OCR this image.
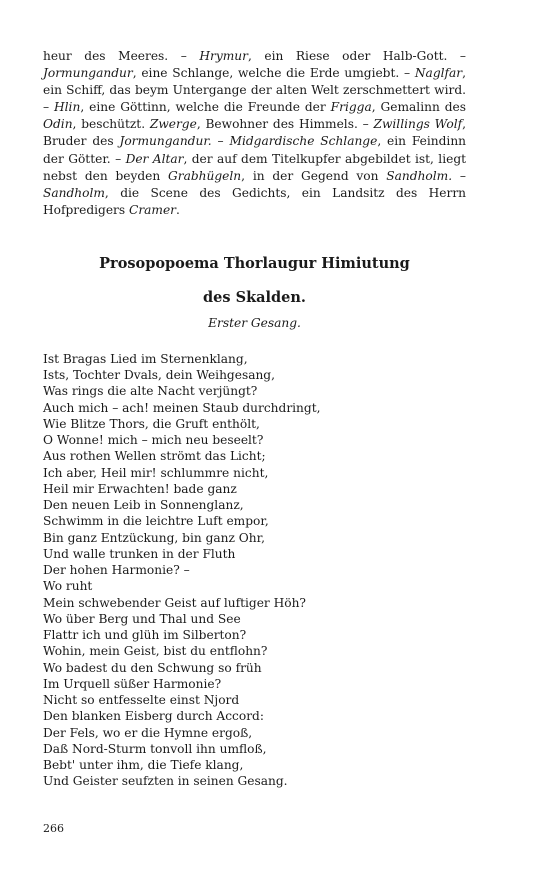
heur des Meeres. – Hrymur, ein Riese oder Halb-Gott. – Jormungandur, eine Schlange, welche die Erde umgiebt. – Naglfar, ein Schiff, das beym Untergange der alten Welt zerschmettert wird. – Hlin, eine Göttinn, welche die Freunde der Frigga, Gemalinn des Odin, beschützt. Zwerge, Bewohner des Himmels. – Zwillings Wolf, Bruder des Jormungandur. – Midgardische Schlange, ein Feindinn der Götter. – Der Altar, der auf dem Titelkupfer abgebildet ist, liegt nebst den beyden Grabhügeln, in der Gegend von Sandholm. – Sandholm, die Scene des Gedichts, ein Landsitz des Herrn Hofpredigers Cramer.

Prosopopoema Thorlaugur Himiutung
des Skalden.
Erster Gesang.
Ist Bragas Lied im Sternenklang,
Ists, Tochter Dvals, dein Weihgesang,
Was rings die alte Nacht verjüngt?
Auch mich – ach! meinen Staub durchdringt,
Wie Blitze Thors, die Gruft enthölt,
O Wonne! mich – mich neu beseelt?
Aus rothen Wellen strömt das Licht;
Ich aber, Heil mir! schlummre nicht,
Heil mir Erwachten! bade ganz
Den neuen Leib in Sonnenglanz,
Schwimm in die leichtre Luft empor,
Bin ganz Entzückung, bin ganz Ohr,
Und walle trunken in der Fluth
Der hohen Harmonie? –
Wo ruht
Mein schwebender Geist auf luftiger Höh?
Wo über Berg und Thal und See
Flattr ich und glüh im Silberton?
Wohin, mein Geist, bist du entflohn?
Wo badest du den Schwung so früh
Im Urquell süßer Harmonie?
Nicht so entfesselte einst Njord
Den blanken Eisberg durch Accord:
Der Fels, wo er die Hymne ergoß,
Daß Nord-Sturm tonvoll ihn umfloß,
Bebt' unter ihm, die Tiefe klang,
Und Geister seufzten in seinen Gesang.
266
